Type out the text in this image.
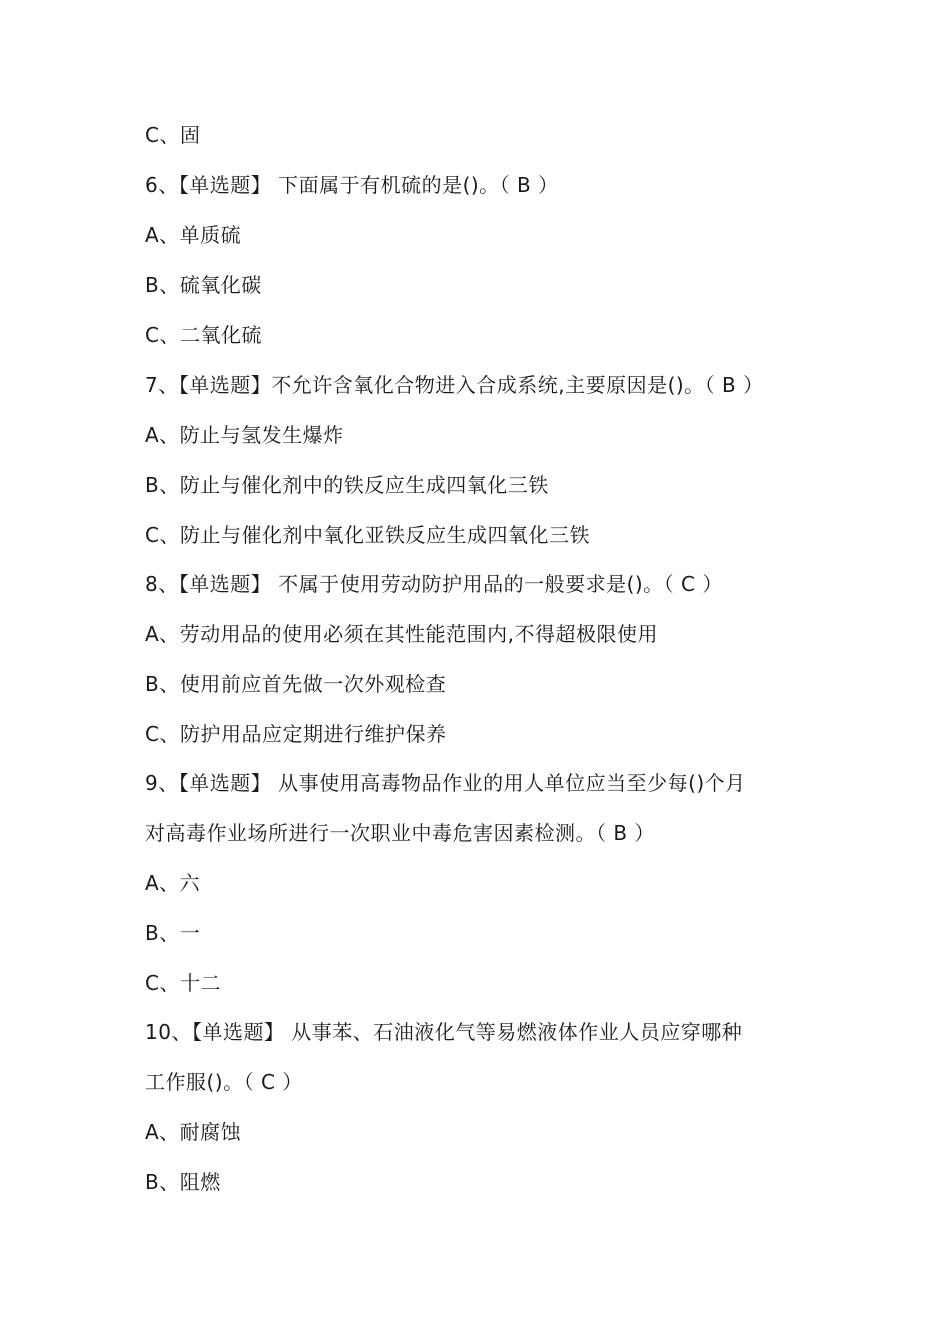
C、固
6、【单选题】 下面属于有机硫的是()。（ B ）
A、单质硫
B、硫氧化碳
C、二氧化硫
7、【单选题】不允许含氧化合物进入合成系统,主要原因是()。（ B ）
A、防止与氢发生爆炸
B、防止与催化剂中的铁反应生成四氧化三铁
C、防止与催化剂中氧化亚铁反应生成四氧化三铁
8、【单选题】 不属于使用劳动防护用品的一般要求是()。（ C ）
A、劳动用品的使用必须在其性能范围内,不得超极限使用
B、使用前应首先做一次外观检查
C、防护用品应定期进行维护保养
9、【单选题】 从事使用高毒物品作业的用人单位应当至少每()个月
对高毒作业场所进行一次职业中毒危害因素检测。（ B ）
A、六
B、一
C、十二
10、【单选题】 从事苯、石油液化气等易燃液体作业人员应穿哪种
工作服()。（ C ）
A、耐腐蚀
B、阻燃
